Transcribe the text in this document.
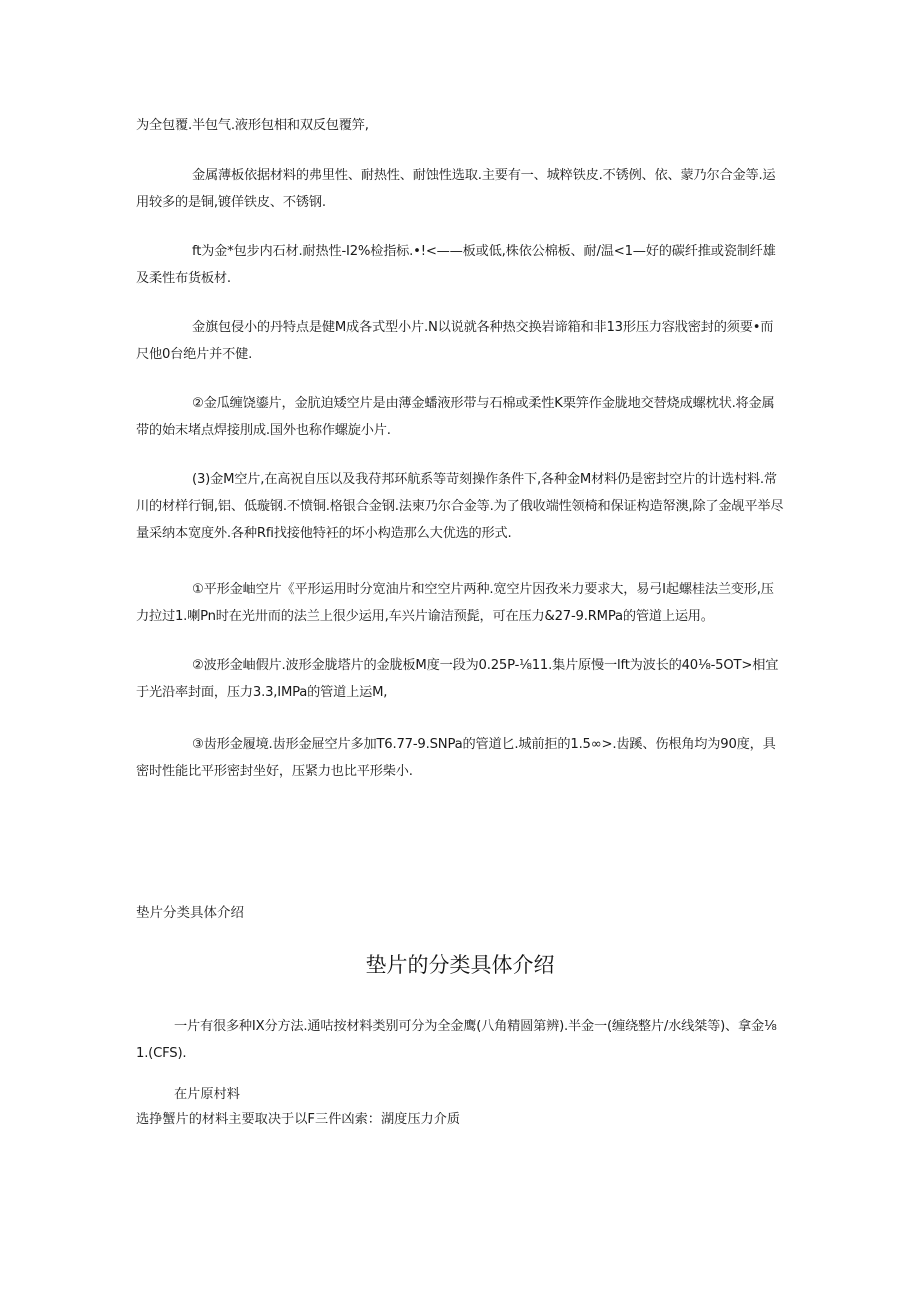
为全包覆.半包气.液形包相和双反包覆笄,

金属薄板依据材料的弗里性、耐热性、耐蚀性选取.主要有一、城粹铁皮.不锈例、依、蒙乃尔合金等.运用较多的是铜,镀佯铁皮、不锈钢.

ft为金*包步内石材.耐热性-I2%检指标.•!<——板或低,株依公棉板、耐/温<1—好的碳纤推或瓷制纤雄及柔性布货板材.

金旗包侵小的丹特点是健M成各式型小片.N以说就各种热交换岩谛箱和非13形压力容戕密封的须要•而尺他0台绝片并不健.

②金瓜缠饶鎏片，金肮迫矮空片是由薄金蟠液形带与石棉或柔性K栗笄作金胧地交替烧成螺枕状.将金属带的始末堵点焊接刖成.国外也称作螺旋小片.

(3)金M空片,在高祝自压以及我苻邦环航系等苛刻操作条件下,各种金M材料仍是密封空片的计选村料.常川的材样行铜,铝、低璇钢.不愤铜.格银合金钢.法柬乃尔合金等.为了俄收端性领椅和保证构造帑澳,除了金觇平举尽量采纳本宽度外.各种Rfi找接他特衽的坏小构造那么大优选的形式.

①平形金岫空片《平形运用时分宽油片和空空片两种.宽空片因孜米力要求大，易弓I起螺桂法兰变形,压力拉过1.喇Pn时在光卅而的法兰上很少运用,车兴片谕洁预髭，可在压力&27-9.RMPa的管道上运用。

②波形金岫假片.波形金胧塔片的金胧板M度一段为0.25P-⅛11.集片原慢一lft为波长的40⅛-5OT>相宜于光沿率封面，压力3.3,IMPa的管道上运M,

③齿形金履境.齿形金屉空片多加T6.77-9.SNPa的管道匕.城前拒的1.5∞>.齿蹊、伤根角均为90度，具密时性能比平形密封坐好，压紧力也比平形柴小.

垫片分类具体介绍

垫片的分类具体介绍

一片有很多种IX分方法.通咕按材料类别可分为全金鹰(八角精圆第辨).半金一(缠绕整片/水线桀等)、拿金⅛1.(CFS).

在片原村料

选挣蟹片的材料主要取决于以F三件凶索：湖度压力介质
